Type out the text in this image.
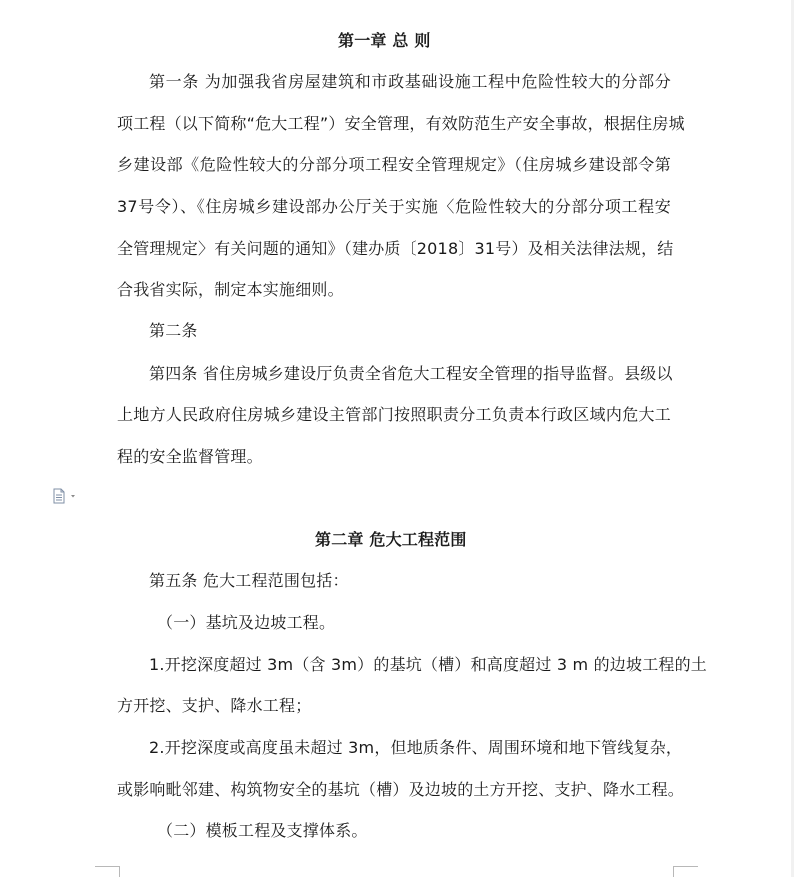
第一章 总 则
第一条 为加强我省房屋建筑和市政基础设施工程中危险性较大的分部分
项工程（以下简称“危大工程”）安全管理，有效防范生产安全事故，根据住房城
乡建设部《危险性较大的分部分项工程安全管理规定》（住房城乡建设部令第
37号令）、《住房城乡建设部办公厅关于实施〈危险性较大的分部分项工程安
全管理规定〉有关问题的通知》（建办质〔2018〕31号）及相关法律法规，结
合我省实际，制定本实施细则。
第二条
第四条 省住房城乡建设厅负责全省危大工程安全管理的指导监督。县级以
上地方人民政府住房城乡建设主管部门按照职责分工负责本行政区域内危大工
程的安全监督管理。
第二章 危大工程范围
第五条 危大工程范围包括：
（一）基坑及边坡工程。
1.开挖深度超过 3m（含 3m）的基坑（槽）和高度超过 3 m 的边坡工程的土
方开挖、支护、降水工程；
2.开挖深度或高度虽未超过 3m，但地质条件、周围环境和地下管线复杂，
或影响毗邻建、构筑物安全的基坑（槽）及边坡的土方开挖、支护、降水工程。
（二）模板工程及支撑体系。
